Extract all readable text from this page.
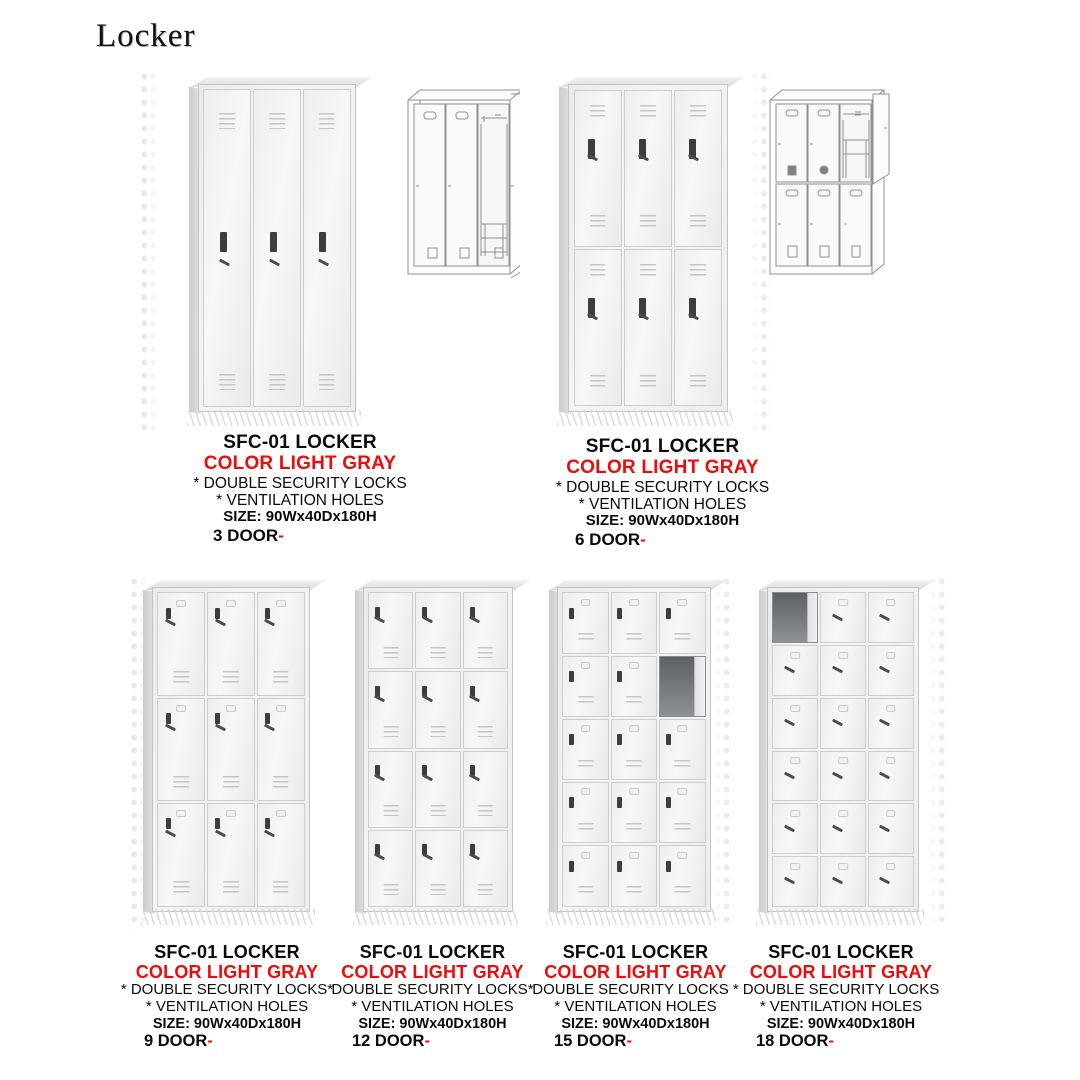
Locker
SFC-01 LOCKER
COLOR LIGHT GRAY
* DOUBLE SECURITY LOCKS
* VENTILATION HOLES
SIZE: 90Wx40Dx180H
3 DOOR-
SFC-01 LOCKER
COLOR LIGHT GRAY
* DOUBLE SECURITY LOCKS
* VENTILATION HOLES
SIZE: 90Wx40Dx180H
6 DOOR-
SFC-01 LOCKER
COLOR LIGHT GRAY
* DOUBLE SECURITY LOCKS*
* VENTILATION HOLES
SIZE: 90Wx40Dx180H
9 DOOR-
SFC-01 LOCKER
COLOR LIGHT GRAY
DOUBLE SECURITY LOCKS*
* VENTILATION HOLES
SIZE: 90Wx40Dx180H
12 DOOR-
SFC-01 LOCKER
COLOR LIGHT GRAY
DOUBLE SECURITY LOCKS *
* VENTILATION HOLES
SIZE: 90Wx40Dx180H
15 DOOR-
SFC-01 LOCKER
COLOR LIGHT GRAY
DOUBLE SECURITY LOCKS
* VENTILATION HOLES
SIZE: 90Wx40Dx180H
18 DOOR-
